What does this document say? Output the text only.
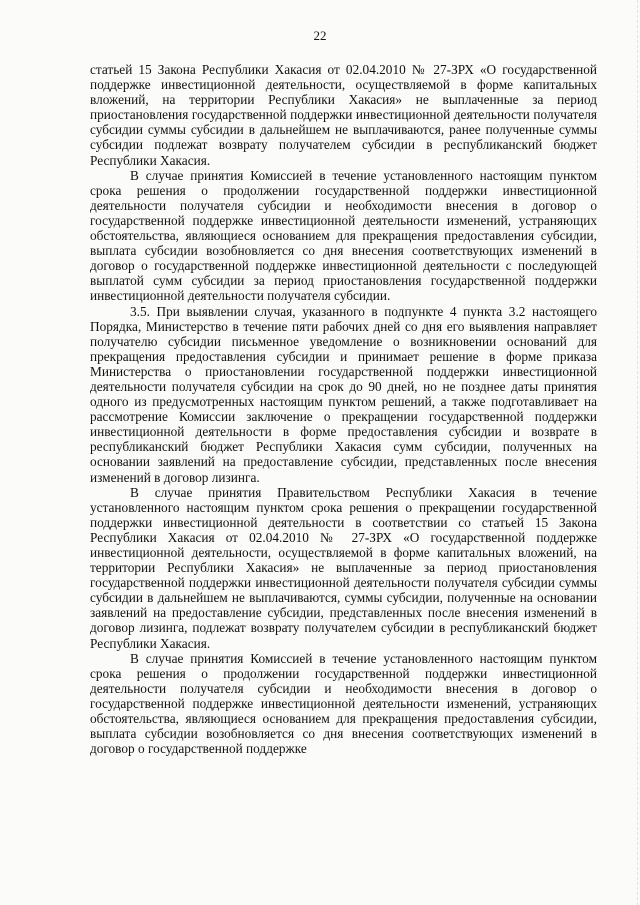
22

статьей 15 Закона Республики Хакасия от 02.04.2010 № 27-ЗРХ «О государственной поддержке инвестиционной деятельности, осуществляемой в форме капитальных вложений, на территории Республики Хакасия» не выплаченные за период приостановления государственной поддержки инвестиционной деятельности получателя субсидии суммы субсидии в дальнейшем не выплачиваются, ранее полученные суммы субсидии подлежат возврату получателем субсидии в республиканский бюджет Республики Хакасия.

В случае принятия Комиссией в течение установленного настоящим пунктом срока решения о продолжении государственной поддержки инвестиционной деятельности получателя субсидии и необходимости внесения в договор о государственной поддержке инвестиционной деятельности изменений, устраняющих обстоятельства, являющиеся основанием для прекращения предоставления субсидии, выплата субсидии возобновляется со дня внесения соответствующих изменений в договор о государственной поддержке инвестиционной деятельности с последующей выплатой сумм субсидии за период приостановления государственной поддержки инвестиционной деятельности получателя субсидии.

3.5. При выявлении случая, указанного в подпункте 4 пункта 3.2 настоящего Порядка, Министерство в течение пяти рабочих дней со дня его выявления направляет получателю субсидии письменное уведомление о возникновении оснований для прекращения предоставления субсидии и принимает решение в форме приказа Министерства о приостановлении государственной поддержки инвестиционной деятельности получателя субсидии на срок до 90 дней, но не позднее даты принятия одного из предусмотренных настоящим пунктом решений, а также подготавливает на рассмотрение Комиссии заключение о прекращении государственной поддержки инвестиционной деятельности в форме предоставления субсидии и возврате в республиканский бюджет Республики Хакасия сумм субсидии, полученных на основании заявлений на предоставление субсидии, представленных после внесения изменений в договор лизинга.

В случае принятия Правительством Республики Хакасия в течение установленного настоящим пунктом срока решения о прекращении государственной поддержки инвестиционной деятельности в соответствии со статьей 15 Закона Республики Хакасия от 02.04.2010 № 27-ЗРХ «О государственной поддержке инвестиционной деятельности, осуществляемой в форме капитальных вложений, на территории Республики Хакасия» не выплаченные за период приостановления государственной поддержки инвестиционной деятельности получателя субсидии суммы субсидии в дальнейшем не выплачиваются, суммы субсидии, полученные на основании заявлений на предоставление субсидии, представленных после внесения изменений в договор лизинга, подлежат возврату получателем субсидии в республиканский бюджет Республики Хакасия.

В случае принятия Комиссией в течение установленного настоящим пунктом срока решения о продолжении государственной поддержки инвестиционной деятельности получателя субсидии и необходимости внесения в договор о государственной поддержке инвестиционной деятельности изменений, устраняющих обстоятельства, являющиеся основанием для прекращения предоставления субсидии, выплата субсидии возобновляется со дня внесения соответствующих изменений в договор о государственной поддержке
